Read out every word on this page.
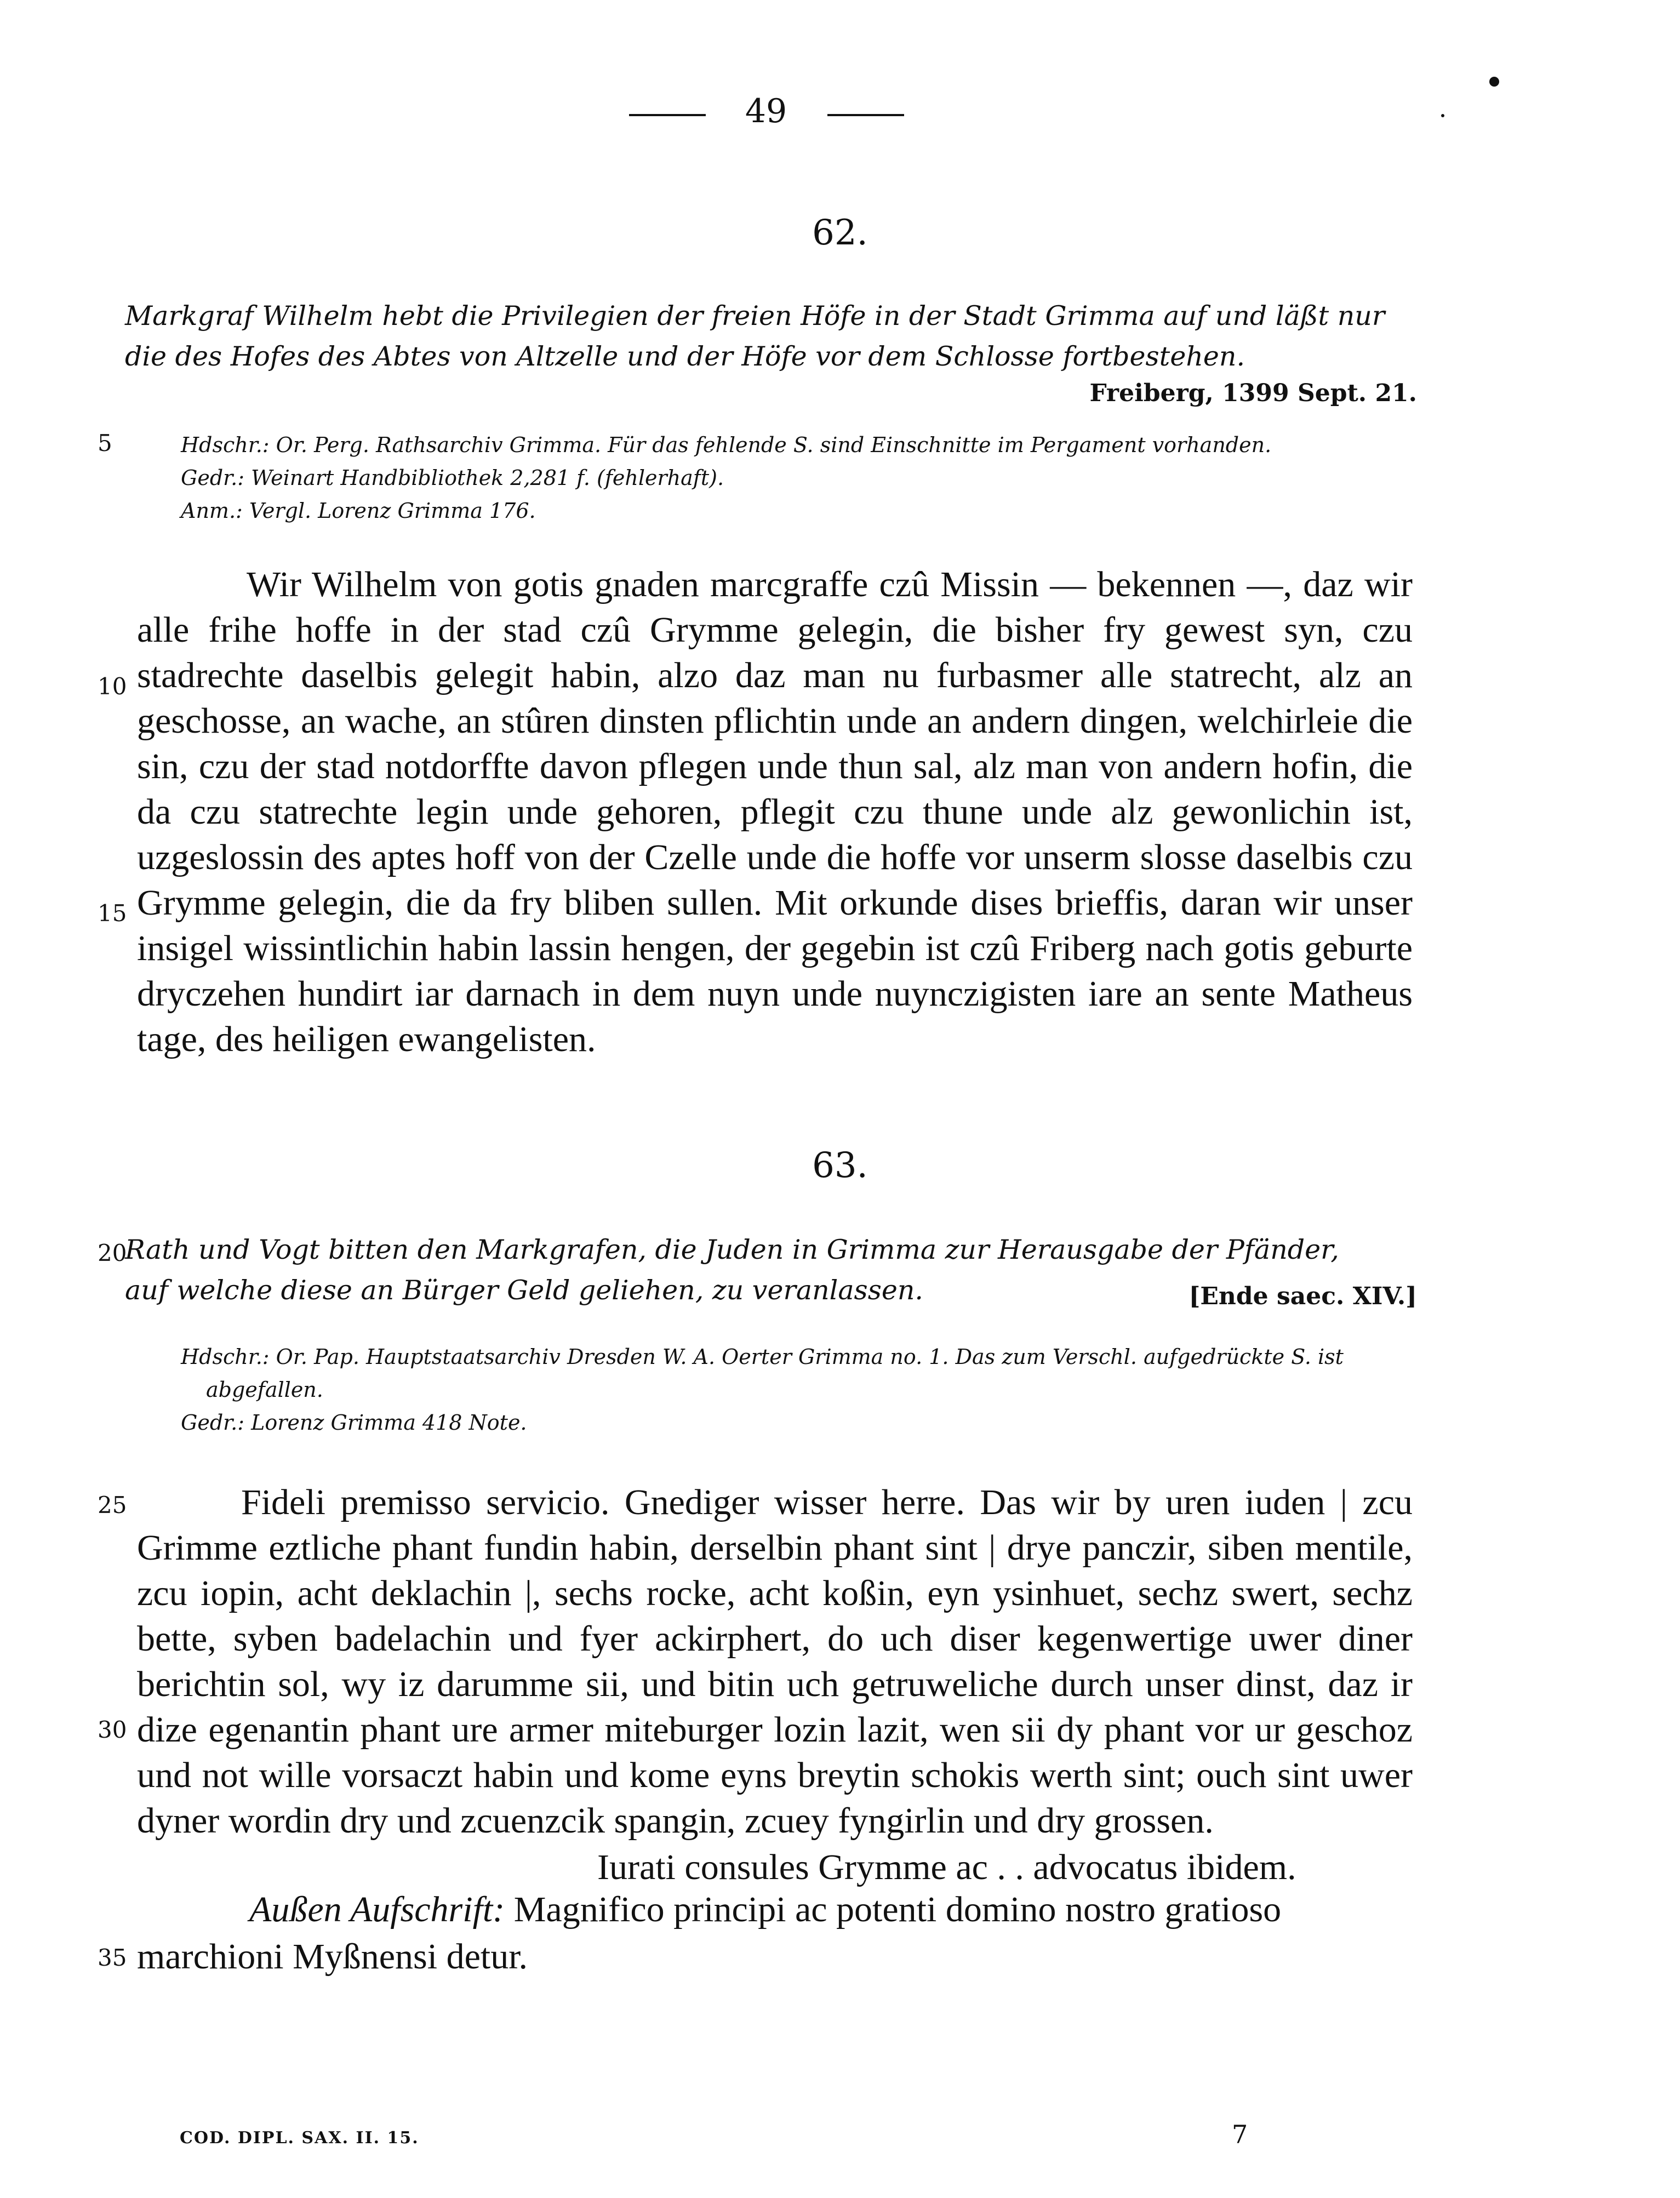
49
62.
Markgraf Wilhelm hebt die Privilegien der freien Höfe in der Stadt Grimma auf und läßt nur die des Hofes des Abtes von Altzelle und der Höfe vor dem Schlosse fortbestehen.
Freiberg, 1399 Sept. 21.
5	Hdschr.: Or. Perg. Rathsarchiv Grimma. Für das fehlende S. sind Einschnitte im Pergament vorhanden.
Gedr.: Weinart Handbibliothek 2,281 f. (fehlerhaft).
Anm.: Vergl. Lorenz Grimma 176.
10
15
Wir Wilhelm von gotis gnaden marcgraffe czû Missin — bekennen —, daz wir alle frihe hoffe in der stad czû Grymme gelegin, die bisher fry gewest syn, czu stadrechte daselbis gelegit habin, alzo daz man nu furbasmer alle statrecht, alz an geschosse, an wache, an stûren dinsten pflichtin unde an andern dingen, welchirleie die sin, czu der stad notdorffte davon pflegen unde thun sal, alz man von andern hofin, die da czu statrechte legin unde gehoren, pflegit czu thune unde alz gewonlichin ist, uzgeslossin des aptes hoff von der Czelle unde die hoffe vor unserm slosse daselbis czu Grymme gelegin, die da fry bliben sullen. Mit orkunde dises brieffis, daran wir unser insigel wissintlichin habin lassin hengen, der gegebin ist czû Friberg nach gotis geburte dryczehen hundirt iar darnach in dem nuyn unde nuynczigisten iare an sente Matheus tage, des heiligen ewangelisten.
63.
20
Rath und Vogt bitten den Markgrafen, die Juden in Grimma zur Herausgabe der Pfänder, auf welche diese an Bürger Geld geliehen, zu veranlassen.	[Ende saec. XIV.]
Hdschr.: Or. Pap. Hauptstaatsarchiv Dresden W. A. Oerter Grimma no. 1. Das zum Verschl. aufgedrückte S. ist
abgefallen.
Gedr.: Lorenz Grimma 418 Note.
25
30
Fideli premisso servicio. Gnediger wisser herre. Das wir by uren iuden | zcu Grimme eztliche phant fundin habin, derselbin phant sint | drye panczir, siben mentile, zcu iopin, acht deklachin |, sechs rocke, acht koßin, eyn ysinhuet, sechz swert, sechz bette, syben badelachin und fyer ackirphert, do uch diser kegenwertige uwer diner berichtin sol, wy iz darumme sii, und bitin uch getruweliche durch unser dinst, daz ir dize egenantin phant ure armer miteburger lozin lazit, wen sii dy phant vor ur geschoz und not wille vorsaczt habin und kome eyns breytin schokis werth sint; ouch sint uwer dyner wordin dry und zcuenzcik spangin, zcuey fyngirlin und dry grossen.
Iurati consules Grymme ac . . advocatus ibidem.
35
Außen Aufschrift: Magnifico principi ac potenti domino nostro gratioso marchioni Myßnensi detur.
COD. DIPL. SAX. II. 15.	7
